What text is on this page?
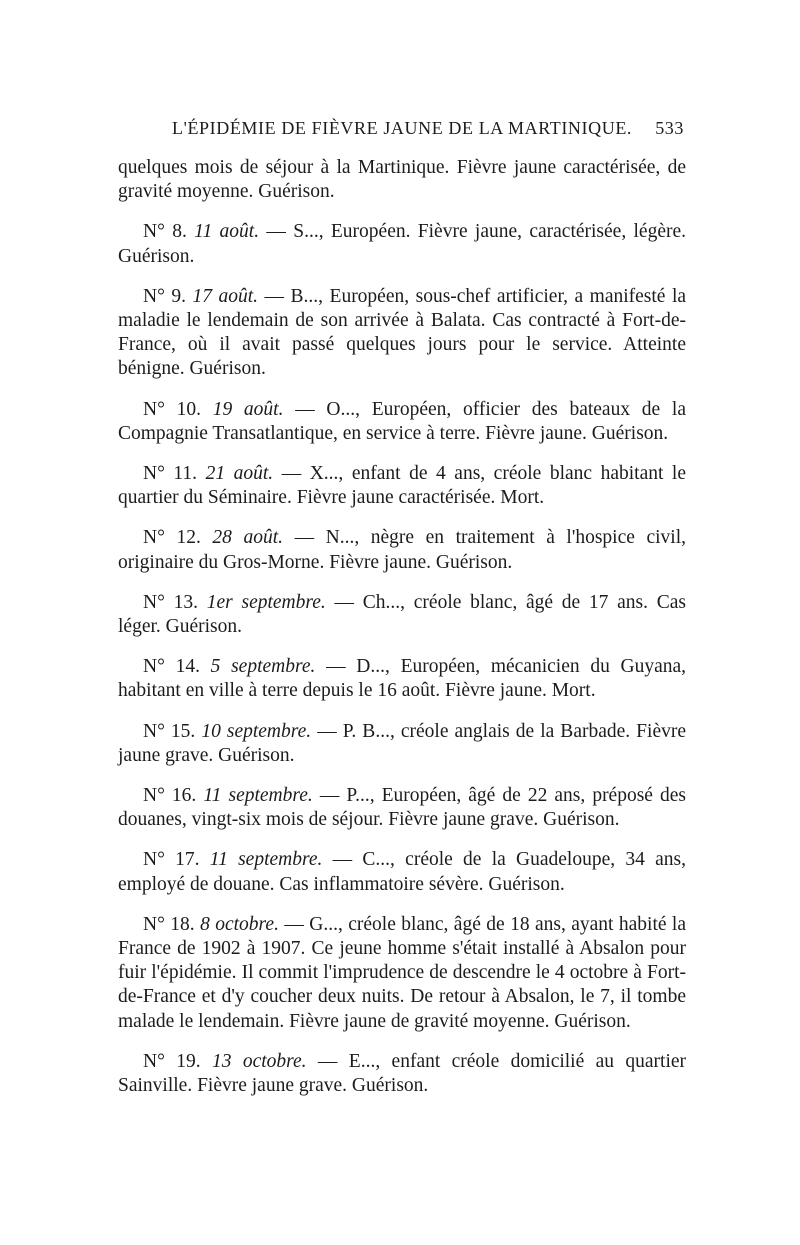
L'ÉPIDÉMIE DE FIÈVRE JAUNE DE LA MARTINIQUE. 533

quelques mois de séjour à la Martinique. Fièvre jaune caractérisée, de gravité moyenne. Guérison.

N° 8. 11 août. — S..., Européen. Fièvre jaune, caractérisée, légère. Guérison.

N° 9. 17 août. — B..., Européen, sous-chef artificier, a manifesté la maladie le lendemain de son arrivée à Balata. Cas contracté à Fort-de-France, où il avait passé quelques jours pour le service. Atteinte bénigne. Guérison.

N° 10. 19 août. — O..., Européen, officier des bateaux de la Compagnie Transatlantique, en service à terre. Fièvre jaune. Guérison.

N° 11. 21 août. — X..., enfant de 4 ans, créole blanc habitant le quartier du Séminaire. Fièvre jaune caractérisée. Mort.

N° 12. 28 août. — N..., nègre en traitement à l'hospice civil, originaire du Gros-Morne. Fièvre jaune. Guérison.

N° 13. 1er septembre. — Ch..., créole blanc, âgé de 17 ans. Cas léger. Guérison.

N° 14. 5 septembre. — D..., Européen, mécanicien du Guyana, habitant en ville à terre depuis le 16 août. Fièvre jaune. Mort.

N° 15. 10 septembre. — P. B..., créole anglais de la Barbade. Fièvre jaune grave. Guérison.

N° 16. 11 septembre. — P..., Européen, âgé de 22 ans, préposé des douanes, vingt-six mois de séjour. Fièvre jaune grave. Guérison.

N° 17. 11 septembre. — C..., créole de la Guadeloupe, 34 ans, employé de douane. Cas inflammatoire sévère. Guérison.

N° 18. 8 octobre. — G..., créole blanc, âgé de 18 ans, ayant habité la France de 1902 à 1907. Ce jeune homme s'était installé à Absalon pour fuir l'épidémie. Il commit l'imprudence de descendre le 4 octobre à Fort-de-France et d'y coucher deux nuits. De retour à Absalon, le 7, il tombe malade le lendemain. Fièvre jaune de gravité moyenne. Guérison.

N° 19. 13 octobre. — E..., enfant créole domicilié au quartier Sainville. Fièvre jaune grave. Guérison.
